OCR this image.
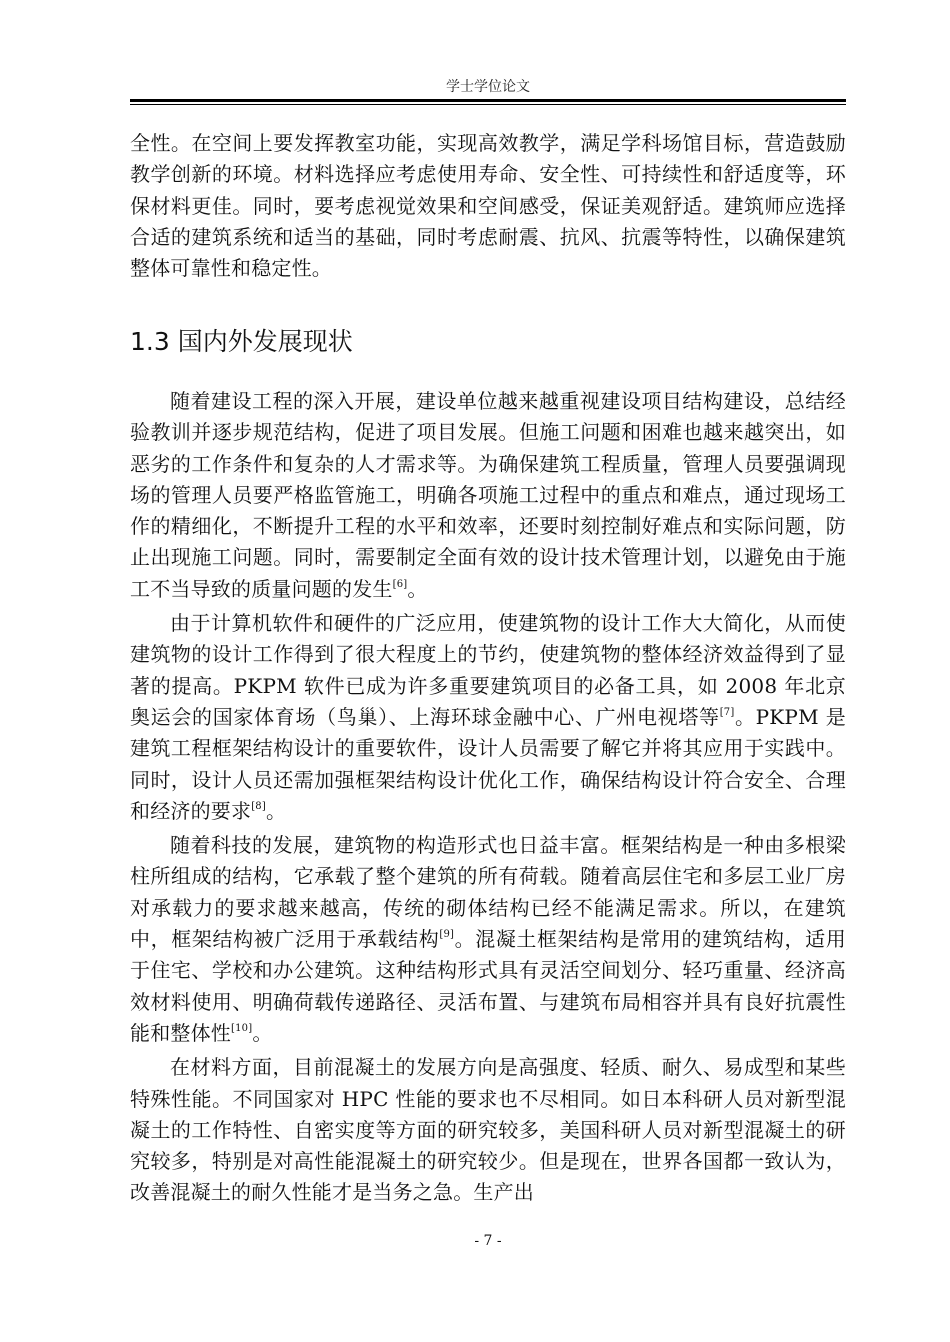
学士学位论文

全性。在空间上要发挥教室功能，实现高效教学，满足学科场馆目标，营造鼓励教学创新的环境。材料选择应考虑使用寿命、安全性、可持续性和舒适度等，环保材料更佳。同时，要考虑视觉效果和空间感受，保证美观舒适。建筑师应选择合适的建筑系统和适当的基础，同时考虑耐震、抗风、抗震等特性，以确保建筑整体可靠性和稳定性。

1.3 国内外发展现状

随着建设工程的深入开展，建设单位越来越重视建设项目结构建设，总结经验教训并逐步规范结构，促进了项目发展。但施工问题和困难也越来越突出，如恶劣的工作条件和复杂的人才需求等。为确保建筑工程质量，管理人员要强调现场的管理人员要严格监管施工，明确各项施工过程中的重点和难点，通过现场工作的精细化，不断提升工程的水平和效率，还要时刻控制好难点和实际问题，防止出现施工问题。同时，需要制定全面有效的设计技术管理计划，以避免由于施工不当导致的质量问题的发生[6]。

由于计算机软件和硬件的广泛应用，使建筑物的设计工作大大简化，从而使建筑物的设计工作得到了很大程度上的节约，使建筑物的整体经济效益得到了显著的提高。PKPM 软件已成为许多重要建筑项目的必备工具，如 2008 年北京奥运会的国家体育场（鸟巢）、上海环球金融中心、广州电视塔等[7]。PKPM 是建筑工程框架结构设计的重要软件，设计人员需要了解它并将其应用于实践中。同时，设计人员还需加强框架结构设计优化工作，确保结构设计符合安全、合理和经济的要求[8]。

随着科技的发展，建筑物的构造形式也日益丰富。框架结构是一种由多根梁柱所组成的结构，它承载了整个建筑的所有荷载。随着高层住宅和多层工业厂房对承载力的要求越来越高，传统的砌体结构已经不能满足需求。所以，在建筑中，框架结构被广泛用于承载结构[9]。混凝土框架结构是常用的建筑结构，适用于住宅、学校和办公建筑。这种结构形式具有灵活空间划分、轻巧重量、经济高效材料使用、明确荷载传递路径、灵活布置、与建筑布局相容并具有良好抗震性能和整体性[10]。

在材料方面，目前混凝土的发展方向是高强度、轻质、耐久、易成型和某些特殊性能。不同国家对 HPC 性能的要求也不尽相同。如日本科研人员对新型混凝土的工作特性、自密实度等方面的研究较多，美国科研人员对新型混凝土的研究较多，特别是对高性能混凝土的研究较少。但是现在，世界各国都一致认为，改善混凝土的耐久性能才是当务之急。生产出

- 7 -
